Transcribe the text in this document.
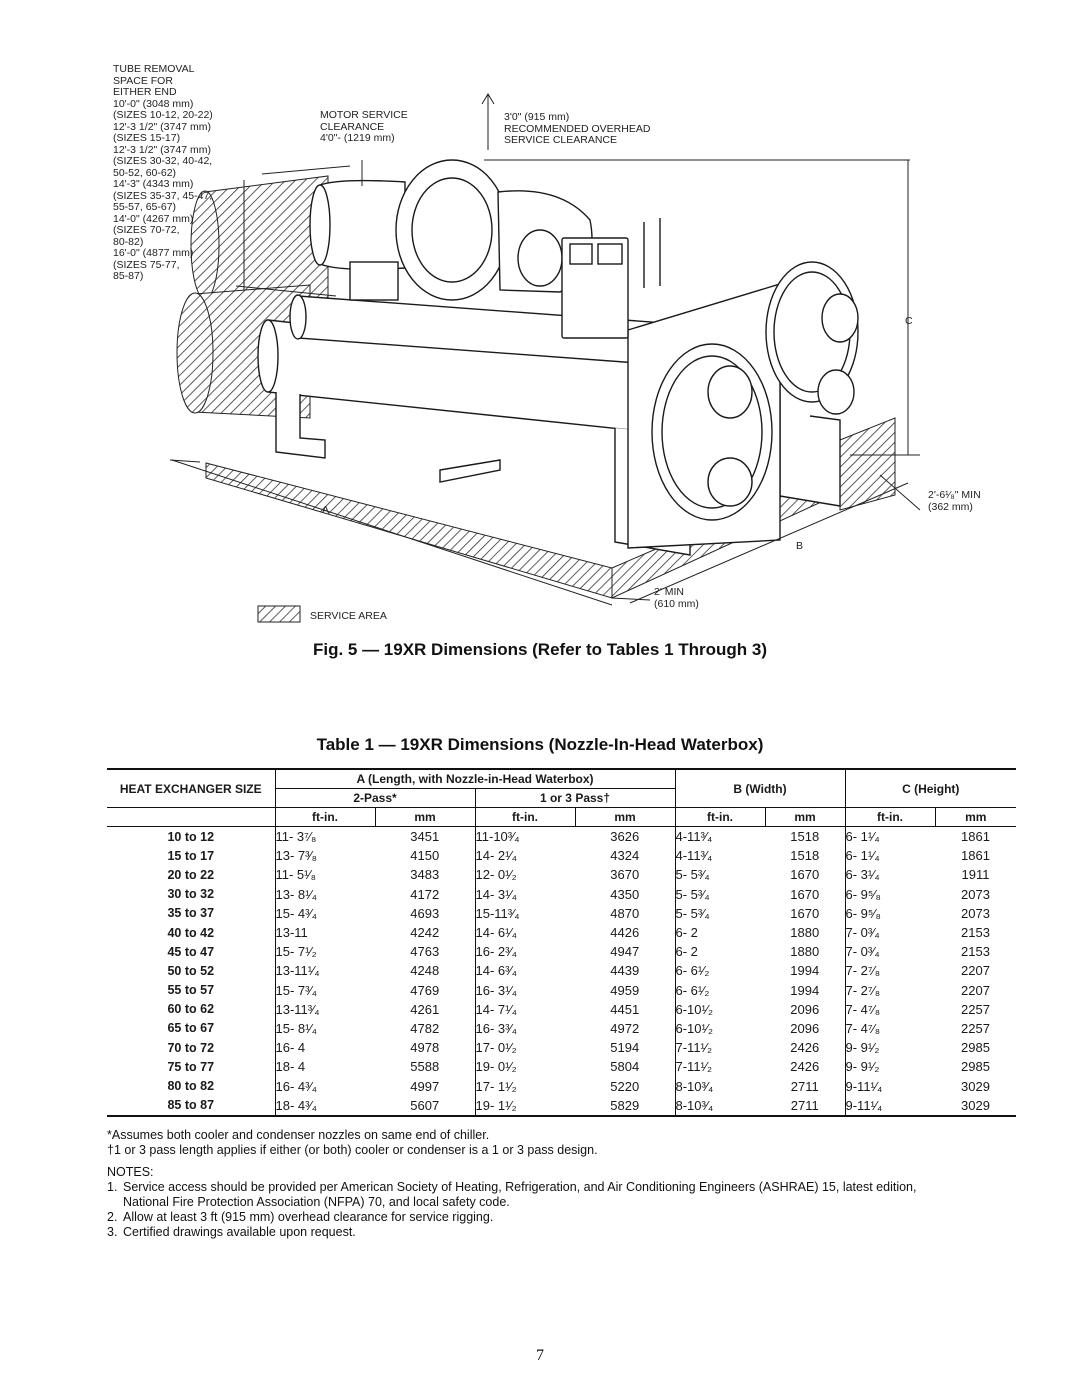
TUBE REMOVAL
SPACE FOR
EITHER END
10'-0" (3048 mm)
(SIZES 10-12, 20-22)
12'-3 1/2" (3747 mm)
(SIZES 15-17)
12'-3 1/2" (3747 mm)
(SIZES 30-32, 40-42,
50-52, 60-62)
14'-3" (4343 mm)
(SIZES 35-37, 45-47,
55-57, 65-67)
14'-0" (4267 mm)
(SIZES 70-72,
80-82)
16'-0" (4877 mm)
(SIZES 75-77,
85-87)
MOTOR SERVICE
CLEARANCE
4'0"- (1219 mm)
3'0" (915 mm)
RECOMMENDED OVERHEAD
SERVICE CLEARANCE
C
A
B
2'-6¹⁄₈" MIN
(362 mm)
2' MIN
(610 mm)
SERVICE AREA
Fig. 5 — 19XR Dimensions (Refer to Tables 1 Through 3)
Table 1 — 19XR Dimensions (Nozzle-In-Head Waterbox)
HEAT EXCHANGER SIZE	A (Length, with Nozzle-in-Head Waterbox)				B (Width)		C (Height)	
	2-Pass*		1 or 3 Pass†					
	ft-in.	mm	ft-in.	mm	ft-in.	mm	ft-in.	mm
10 to 12	11- 3⁷⁄₈	3451	11-10³⁄₄	3626	4-11³⁄₄	1518	6- 1¹⁄₄	1861
15 to 17	13- 7³⁄₈	4150	14- 2¹⁄₄	4324	4-11³⁄₄	1518	6- 1¹⁄₄	1861
20 to 22	11- 5¹⁄₈	3483	12- 0¹⁄₂	3670	5- 5³⁄₄	1670	6- 3¹⁄₄	1911
30 to 32	13- 8¹⁄₄	4172	14- 3¹⁄₄	4350	5- 5³⁄₄	1670	6- 9⁵⁄₈	2073
35 to 37	15- 4³⁄₄	4693	15-11³⁄₄	4870	5- 5³⁄₄	1670	6- 9⁵⁄₈	2073
40 to 42	13-11	4242	14- 6¹⁄₄	4426	6- 2	1880	7- 0³⁄₄	2153
45 to 47	15- 7¹⁄₂	4763	16- 2³⁄₄	4947	6- 2	1880	7- 0³⁄₄	2153
50 to 52	13-11¹⁄₄	4248	14- 6³⁄₄	4439	6- 6¹⁄₂	1994	7- 2⁷⁄₈	2207
55 to 57	15- 7³⁄₄	4769	16- 3¹⁄₄	4959	6- 6¹⁄₂	1994	7- 2⁷⁄₈	2207
60 to 62	13-11³⁄₄	4261	14- 7¹⁄₄	4451	6-10¹⁄₂	2096	7- 4⁷⁄₈	2257
65 to 67	15- 8¹⁄₄	4782	16- 3³⁄₄	4972	6-10¹⁄₂	2096	7- 4⁷⁄₈	2257
70 to 72	16- 4	4978	17- 0¹⁄₂	5194	7-11¹⁄₂	2426	9- 9¹⁄₂	2985
75 to 77	18- 4	5588	19- 0¹⁄₂	5804	7-11¹⁄₂	2426	9- 9¹⁄₂	2985
80 to 82	16- 4³⁄₄	4997	17- 1¹⁄₂	5220	8-10³⁄₄	2711	9-11¹⁄₄	3029
85 to 87	18- 4³⁄₄	5607	19- 1¹⁄₂	5829	8-10³⁄₄	2711	9-11¹⁄₄	3029
*Assumes both cooler and condenser nozzles on same end of chiller.
†1 or 3 pass length applies if either (or both) cooler or condenser is a 1 or 3 pass design.
NOTES:
1. Service access should be provided per American Society of Heating, Refrigeration, and Air Conditioning Engineers (ASHRAE) 15, latest edition,
National Fire Protection Association (NFPA) 70, and local safety code.
2. Allow at least 3 ft (915 mm) overhead clearance for service rigging.
3. Certified drawings available upon request.
7
